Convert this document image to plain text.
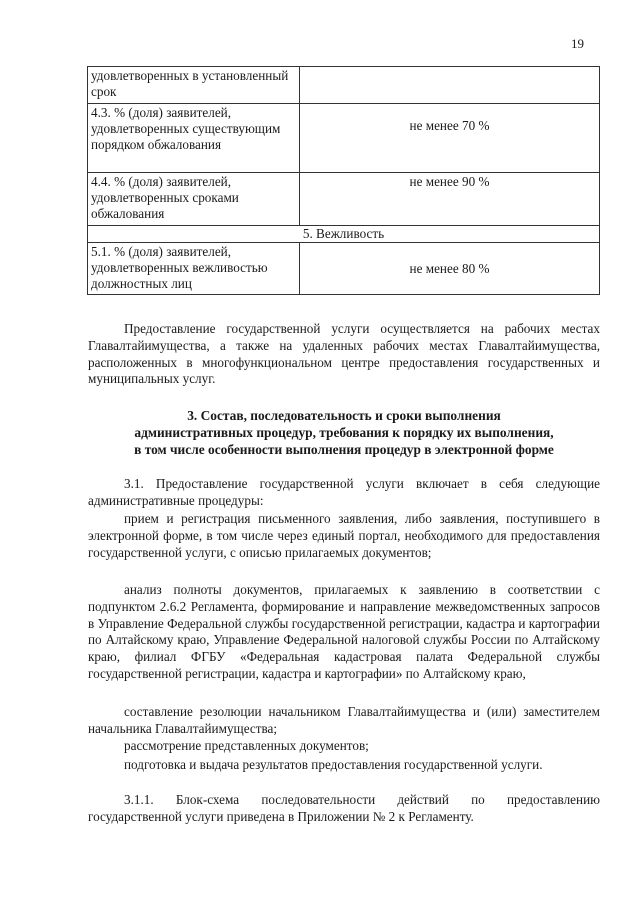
19
удовлетворенных в установленный срок	
4.3. % (доля) заявителей, удовлетворенных существующим порядком обжалования	не менее 70 %
4.4. % (доля) заявителей, удовлетворенных сроками обжалования	не менее 90 %
5. Вежливость	
5.1. % (доля) заявителей, удовлетворенных вежливостью должностных лиц	не менее 80 %
Предоставление государственной услуги осуществляется на рабочих местах Главалтайимущества, а также на удаленных рабочих местах Главалтайимущества, расположенных в многофункциональном центре предоставления государственных и муниципальных услуг.
3. Состав, последовательность и сроки выполнения
административных процедур, требования к порядку их выполнения,
в том числе особенности выполнения процедур в электронной форме
3.1. Предоставление государственной услуги включает в себя следующие административные процедуры:
прием и регистрация письменного заявления, либо заявления, поступившего в электронной форме, в том числе через единый портал, необходимого для предоставления государственной услуги, с описью прилагаемых документов;
анализ полноты документов, прилагаемых к заявлению в соответствии с подпунктом 2.6.2 Регламента, формирование и направление межведомственных запросов в Управление Федеральной службы государственной регистрации, кадастра и картографии по Алтайскому краю, Управление Федеральной налоговой службы России по Алтайскому краю, филиал ФГБУ «Федеральная кадастровая палата Федеральной службы государственной регистрации, кадастра и картографии» по Алтайскому краю,
составление резолюции начальником Главалтайимущества и (или) заместителем начальника Главалтайимущества;
рассмотрение представленных документов;
подготовка и выдача результатов предоставления государственной услуги.
3.1.1. Блок-схема последовательности действий по предоставлению государственной услуги приведена в Приложении № 2 к Регламенту.
